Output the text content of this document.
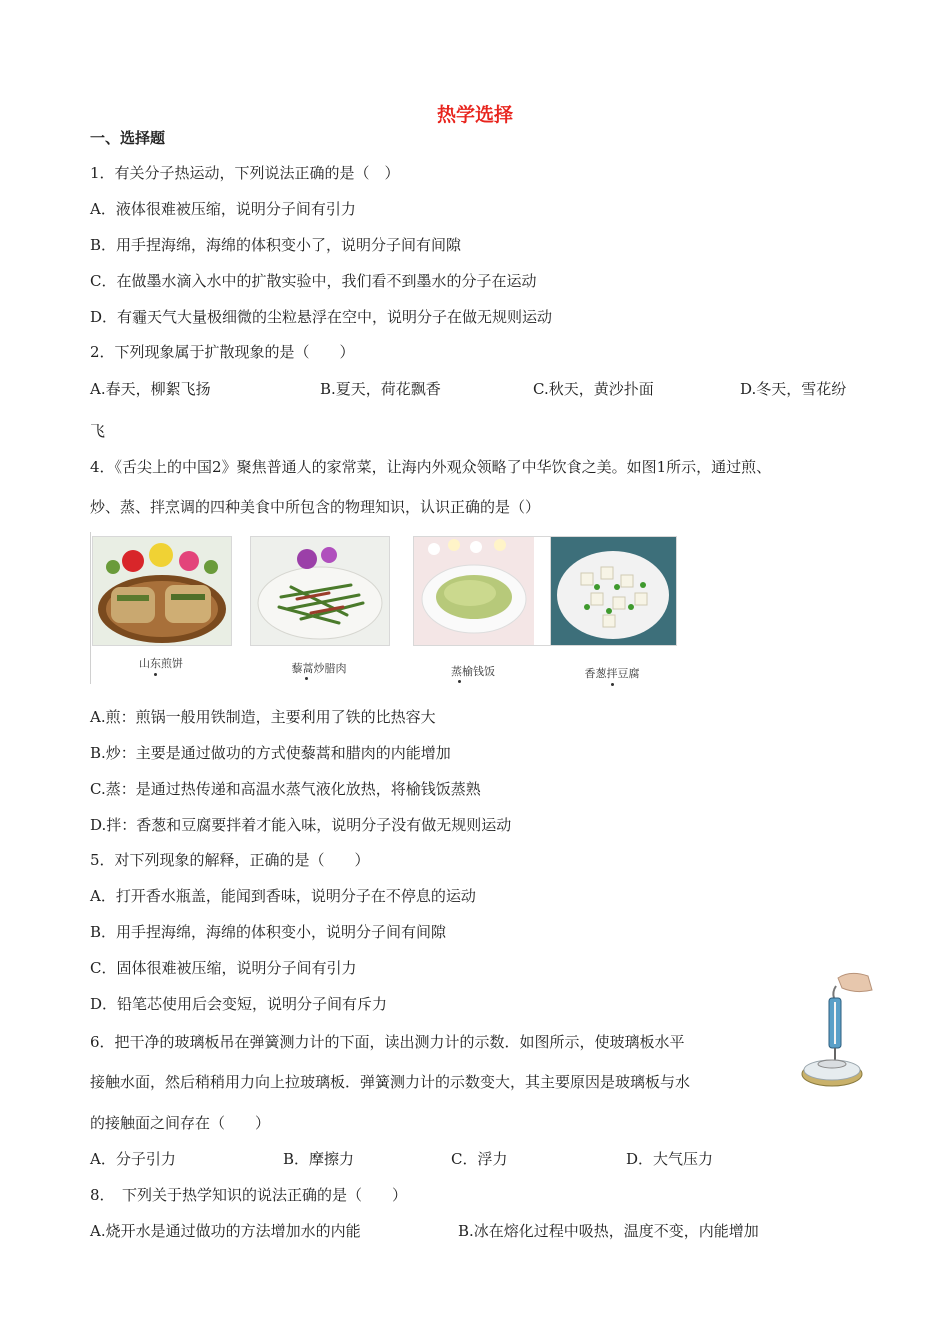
热学选择
一、选择题
1．有关分子热运动，下列说法正确的是（　）
A．液体很难被压缩，说明分子间有引力
B．用手捏海绵，海绵的体积变小了，说明分子间有间隙
C．在做墨水滴入水中的扩散实验中，我们看不到墨水的分子在运动
D．有霾天气大量极细微的尘粒悬浮在空中，说明分子在做无规则运动
2．下列现象属于扩散现象的是（　　）
A.春天，柳絮飞扬	B.夏天，荷花飘香	C.秋天，黄沙扑面	D.冬天，雪花纷
飞
4．《舌尖上的中国2》聚焦普通人的家常菜，让海内外观众领略了中华饮食之美。如图1所示，通过煎、
炒、蒸、拌烹调的四种美食中所包含的物理知识，认识正确的是（）
山东煎饼	藜蒿炒腊肉	蒸榆钱饭	香葱拌豆腐
A.煎：煎锅一般用铁制造，主要利用了铁的比热容大
B.炒：主要是通过做功的方式使藜蒿和腊肉的内能增加
C.蒸：是通过热传递和高温水蒸气液化放热，将榆钱饭蒸熟
D.拌：香葱和豆腐要拌着才能入味，说明分子没有做无规则运动
5．对下列现象的解释，正确的是（　　）
A．打开香水瓶盖，能闻到香味，说明分子在不停息的运动
B．用手捏海绵，海绵的体积变小，说明分子间有间隙
C．固体很难被压缩，说明分子间有引力
D．铅笔芯使用后会变短，说明分子间有斥力
6．把干净的玻璃板吊在弹簧测力计的下面，读出测力计的示数．如图所示，使玻璃板水平
接触水面，然后稍稍用力向上拉玻璃板．弹簧测力计的示数变大，其主要原因是玻璃板与水
的接触面之间存在（　　）
A．分子引力	B．摩擦力	C．浮力	D．大气压力
8．　下列关于热学知识的说法正确的是（　　）
A.烧开水是通过做功的方法增加水的内能	B.冰在熔化过程中吸热，温度不变，内能增加
